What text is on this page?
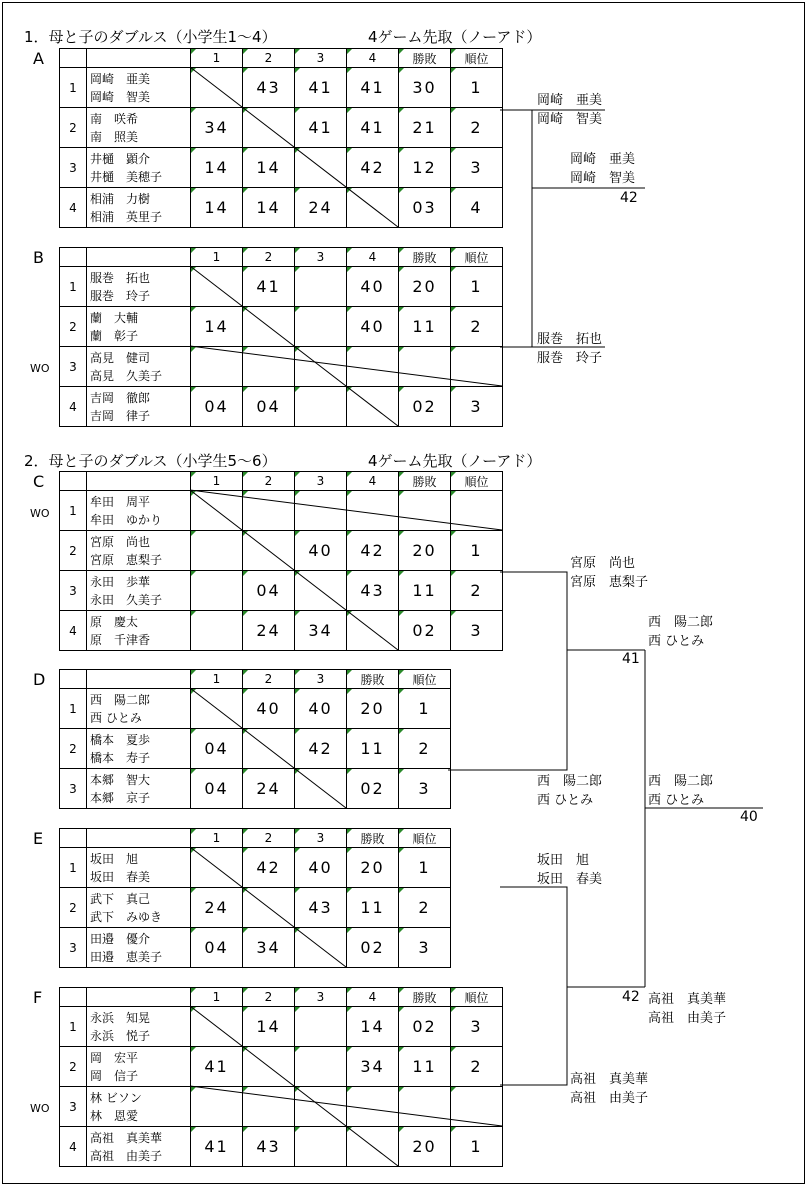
1．母と子のダブルス（小学生1～4）	4ゲーム先取（ノーアド）
2．母と子のダブルス（小学生5～6）	4ゲーム先取（ノーアド）
A
B
C
D
E
F
WO
WO
WO
		1	2	3	4	勝敗	順位
1	岡崎　亜美
岡崎　智美		43	41	41	30	1
2	南　咲希
南　照美	34		41	41	21	2
3	井樋　顕介
井樋　美穂子	14	14		42	12	3
4	相浦　力樹
相浦　英里子	14	14	24		03	4
		1	2	3	4	勝敗	順位
1	服巻　拓也
服巻　玲子		41		40	20	1
2	蘭　大輔
蘭　彰子	14			40	11	2
3	高見　健司
高見　久美子						

4	吉岡　徹郎
吉岡　律子	04	04			02	3
		1	2	3	4	勝敗	順位
1	牟田　周平
牟田　ゆかり						

2	宮原　尚也
宮原　恵梨子			40	42	20	1
3	永田　歩華
永田　久美子		04		43	11	2
4	原　慶太
原　千津香		24	34		02	3
		1	2	3	勝敗	順位
1	西　陽二郎
西 ひとみ		40	40	20	1
2	橋本　夏歩
橋本　寿子	04		42	11	2
3	本郷　智大
本郷　京子	04	24		02	3
		1	2	3	勝敗	順位
1	坂田　旭
坂田　春美		42	40	20	1
2	武下　真己
武下　みゆき	24		43	11	2
3	田邉　優介
田邉　恵美子	04	34		02	3
		1	2	3	4	勝敗	順位
1	永浜　知晃
永浜　悦子		14		14	02	3
2	岡　宏平
岡　信子	41			34	11	2
3	林 ビソン
林　恩愛						

4	高祖　真美華
高祖　由美子	41	43			20	1
岡崎　亜美
岡崎　智美
服巻　拓也
服巻　玲子
岡崎　亜美
岡崎　智美
42
宮原　尚也
宮原　恵梨子
西　陽二郎
西 ひとみ
西　陽二郎
西 ひとみ
41
坂田　旭
坂田　春美
高祖　真美華
高祖　由美子
高祖　真美華
高祖　由美子
42
西　陽二郎
西 ひとみ
40
